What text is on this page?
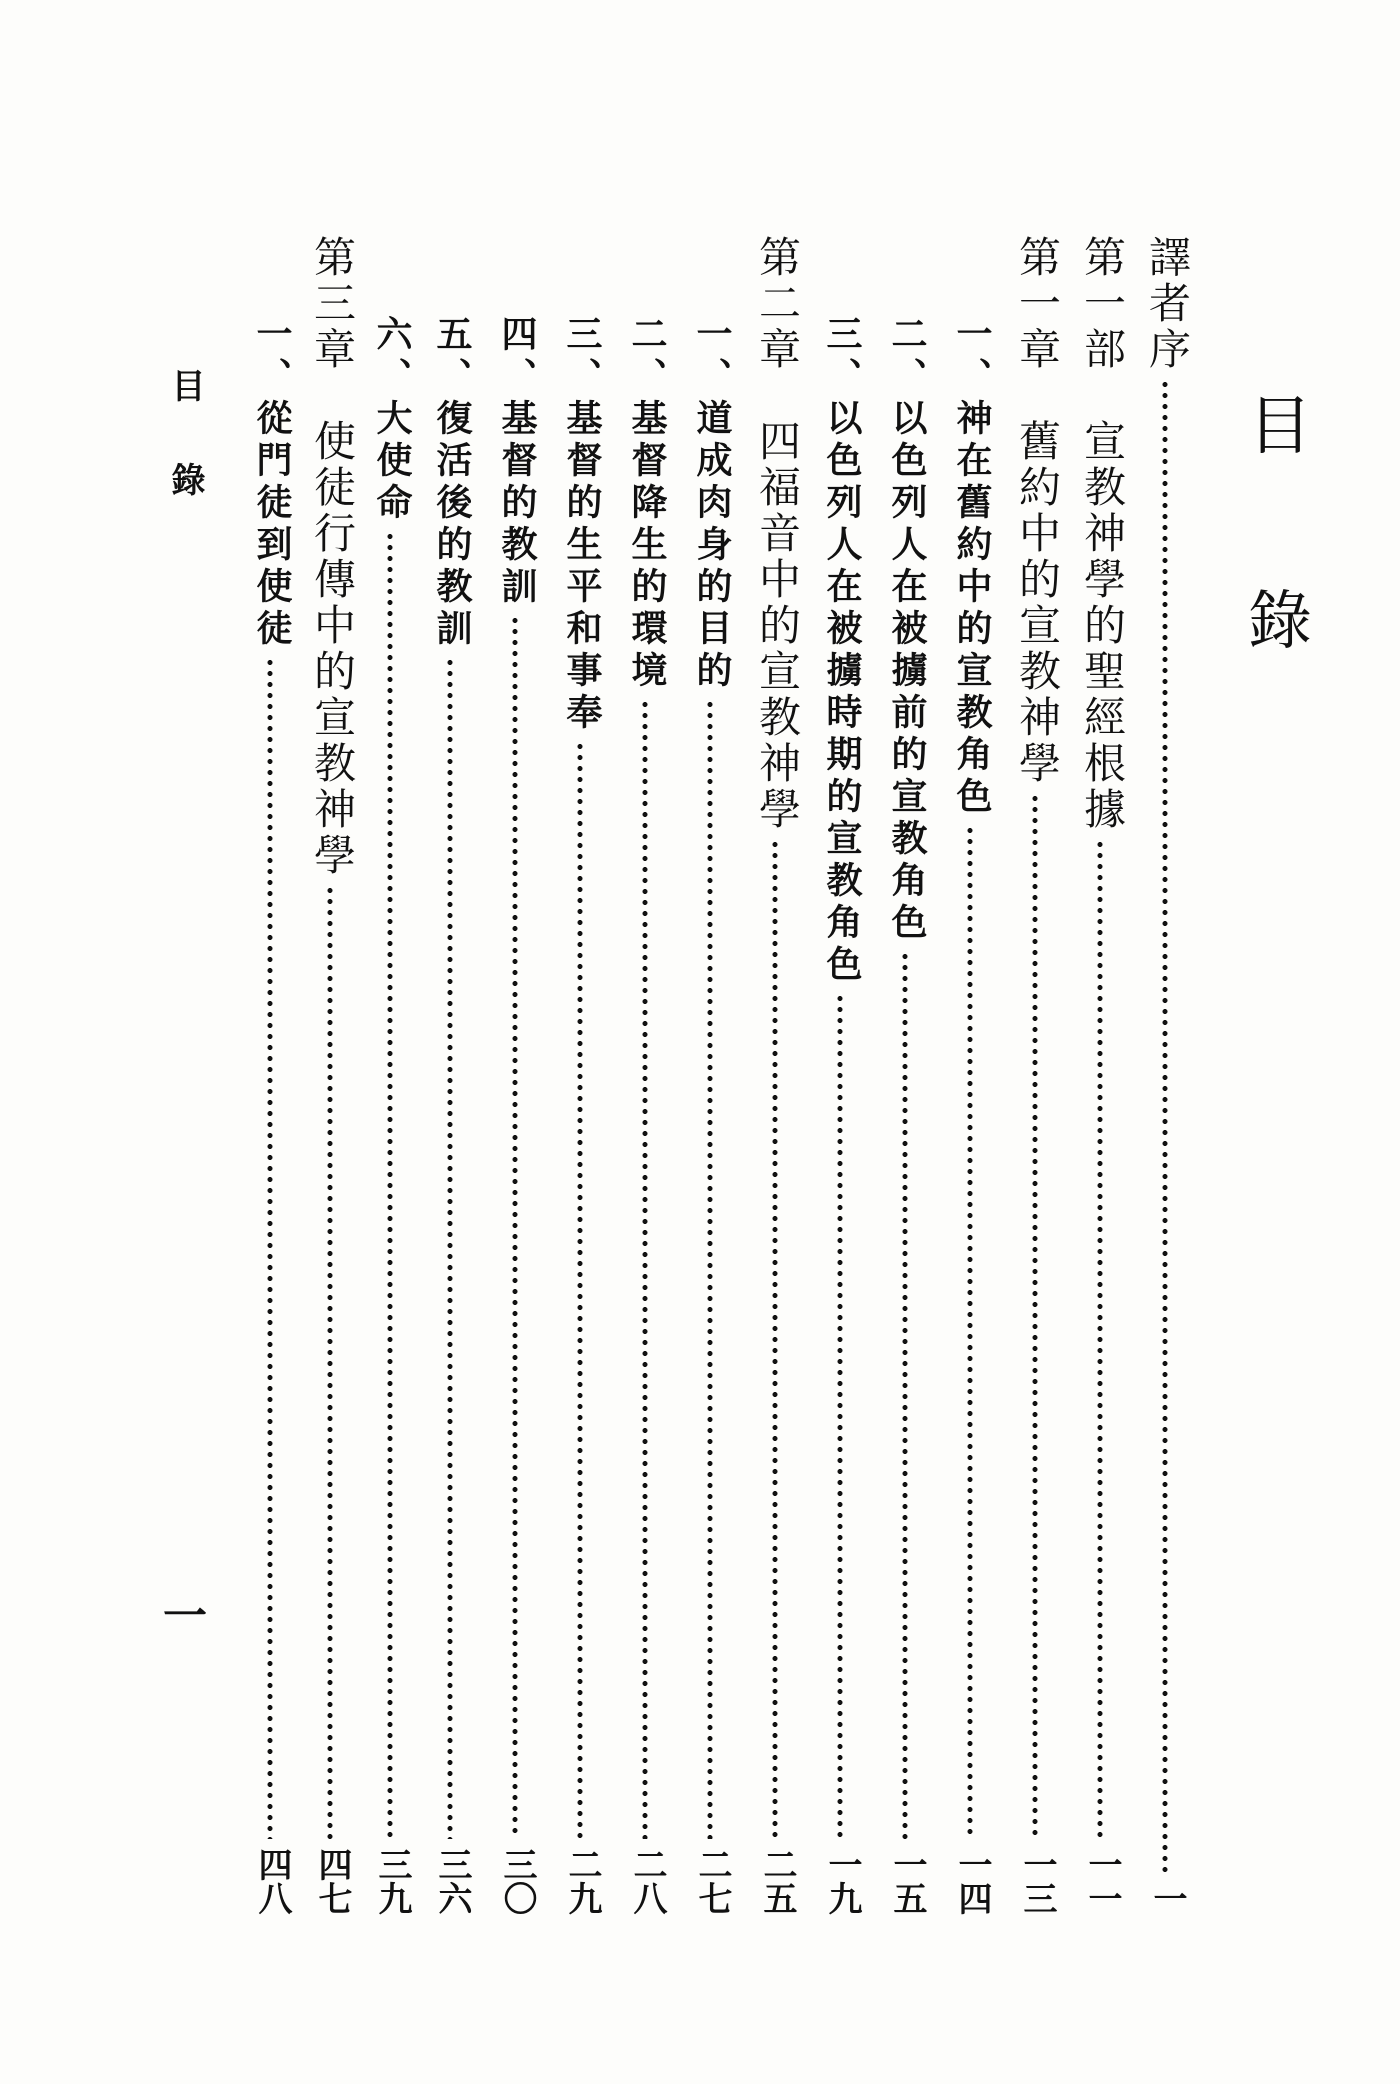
目
錄
譯者序
一
第一部　宣教神學的聖經根據
一一
第一章　舊約中的宣教神學
一三
一、神在舊約中的宣教角色
一四
二、以色列人在被擄前的宣教角色
一五
三、以色列人在被擄時期的宣教角色
一九
第二章　四福音中的宣教神學
二五
一、道成肉身的目的
二七
二、基督降生的環境
二八
三、基督的生平和事奉
二九
四、基督的教訓
三〇
五、復活後的教訓
三六
六、大使命
三九
第三章　使徒行傳中的宣教神學
四七
一、從門徒到使徒
四八
目錄
一
